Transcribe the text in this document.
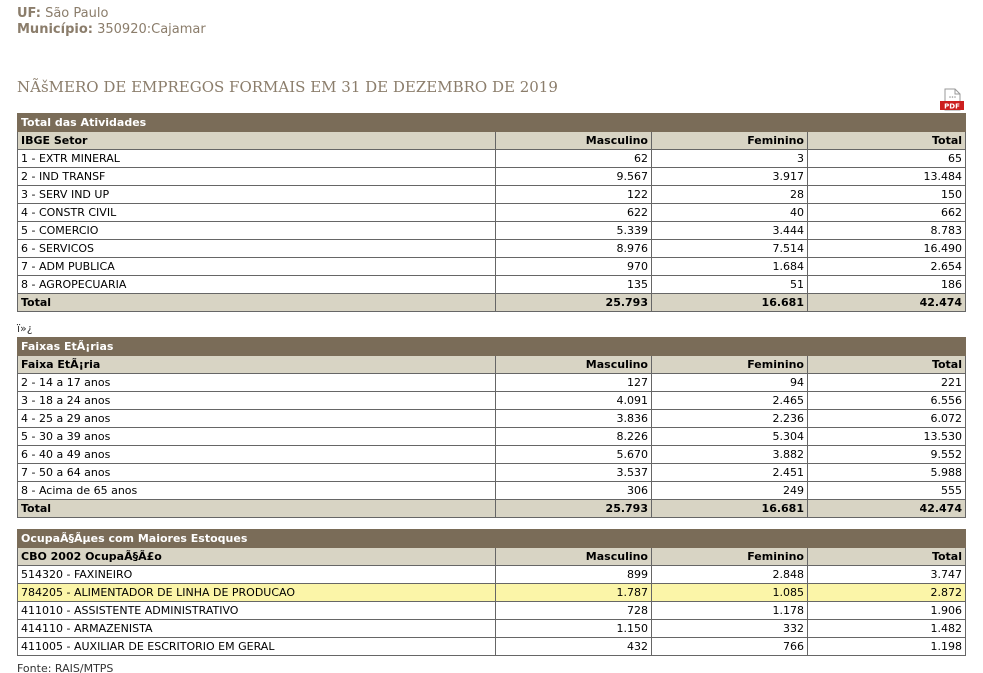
UF: São Paulo
Município: 350920:Cajamar
NÃšMERO DE EMPREGOS FORMAIS EM 31 DE DEZEMBRO DE 2019
PDF
Total das Atividades			
IBGE Setor	Masculino	Feminino	Total
1 - EXTR MINERAL	62	3	65
2 - IND TRANSF	9.567	3.917	13.484
3 - SERV IND UP	122	28	150
4 - CONSTR CIVIL	622	40	662
5 - COMERCIO	5.339	3.444	8.783
6 - SERVICOS	8.976	7.514	16.490
7 - ADM PUBLICA	970	1.684	2.654
8 - AGROPECUARIA	135	51	186
Total	25.793	16.681	42.474
ï»¿
Faixas EtÃ¡rias			
Faixa EtÃ¡ria	Masculino	Feminino	Total
2 - 14 a 17 anos	127	94	221
3 - 18 a 24 anos	4.091	2.465	6.556
4 - 25 a 29 anos	3.836	2.236	6.072
5 - 30 a 39 anos	8.226	5.304	13.530
6 - 40 a 49 anos	5.670	3.882	9.552
7 - 50 a 64 anos	3.537	2.451	5.988
8 - Acima de 65 anos	306	249	555
Total	25.793	16.681	42.474
OcupaÃ§Ãµes com Maiores Estoques			
CBO 2002 OcupaÃ§Ã£o	Masculino	Feminino	Total
514320 - FAXINEIRO	899	2.848	3.747
784205 - ALIMENTADOR DE LINHA DE PRODUCAO	1.787	1.085	2.872
411010 - ASSISTENTE ADMINISTRATIVO	728	1.178	1.906
414110 - ARMAZENISTA	1.150	332	1.482
411005 - AUXILIAR DE ESCRITORIO EM GERAL	432	766	1.198
Fonte: RAIS/MTPS
